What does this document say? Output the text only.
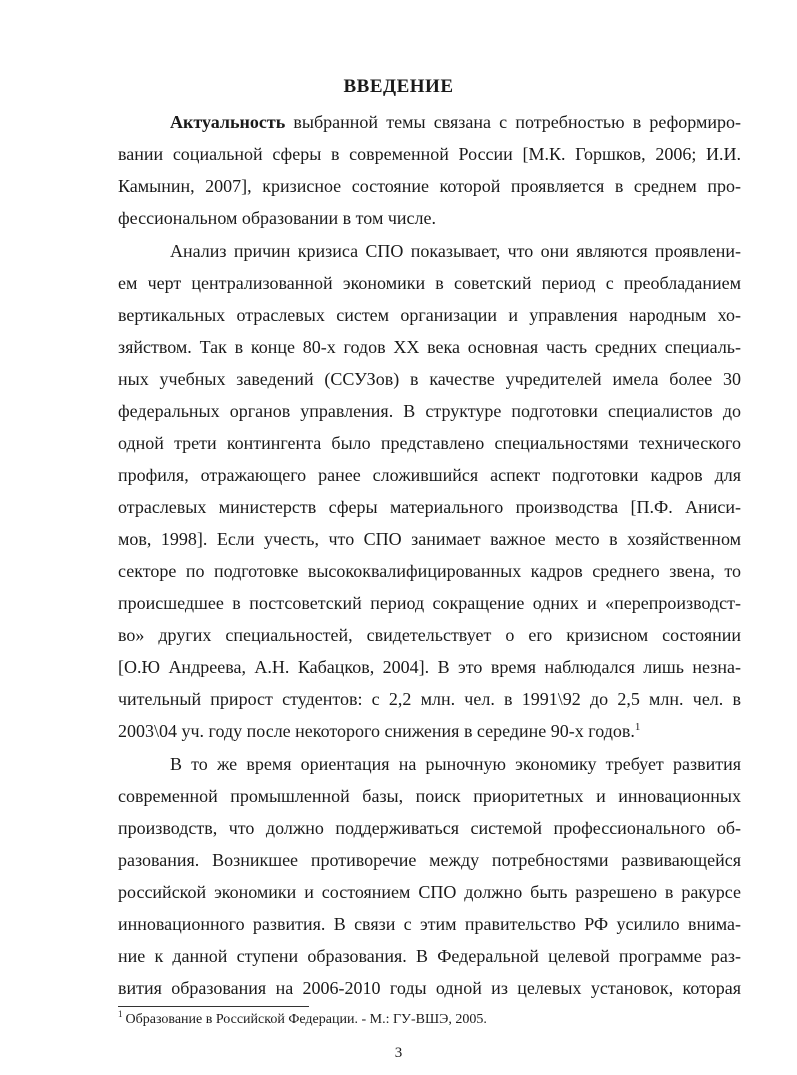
ВВЕДЕНИЕ
Актуальность выбранной темы связана с потребностью в реформиро-
вании социальной сферы в современной России [М.К. Горшков, 2006; И.И.
Камынин, 2007], кризисное состояние которой проявляется в среднем про-
фессиональном образовании в том числе.
Анализ причин кризиса СПО показывает, что они являются проявлени-
ем черт централизованной экономики в советский период с преобладанием
вертикальных отраслевых систем организации и управления народным хо-
зяйством. Так в конце 80-х годов XX века основная часть средних специаль-
ных учебных заведений (ССУЗов) в качестве учредителей имела более 30
федеральных органов управления. В структуре подготовки специалистов до
одной трети контингента было представлено специальностями технического
профиля, отражающего ранее сложившийся аспект подготовки кадров для
отраслевых министерств сферы материального производства [П.Ф. Аниси-
мов, 1998]. Если учесть, что СПО занимает важное место в хозяйственном
секторе по подготовке высококвалифицированных кадров среднего звена, то
происшедшее в постсоветский период сокращение одних и «перепроизводст-
во» других специальностей, свидетельствует о его кризисном состоянии
[О.Ю Андреева, А.Н. Кабацков, 2004]. В это время наблюдался лишь незна-
чительный прирост студентов: с 2,2 млн. чел. в 1991\92 до 2,5 млн. чел. в
2003\04 уч. году после некоторого снижения в середине 90-х годов.$^1$
В то же время ориентация на рыночную экономику требует развития
современной промышленной базы, поиск приоритетных и инновационных
производств, что должно поддерживаться системой профессионального об-
разования. Возникшее противоречие между потребностями развивающейся
российской экономики и состоянием СПО должно быть разрешено в ракурсе
инновационного развития. В связи с этим правительство РФ усилило внима-
ние к данной ступени образования. В Федеральной целевой программе раз-
вития образования на 2006-2010 годы одной из целевых установок, которая
$^1$ Образование в Российской Федерации. - М.: ГУ-ВШЭ, 2005.
3
